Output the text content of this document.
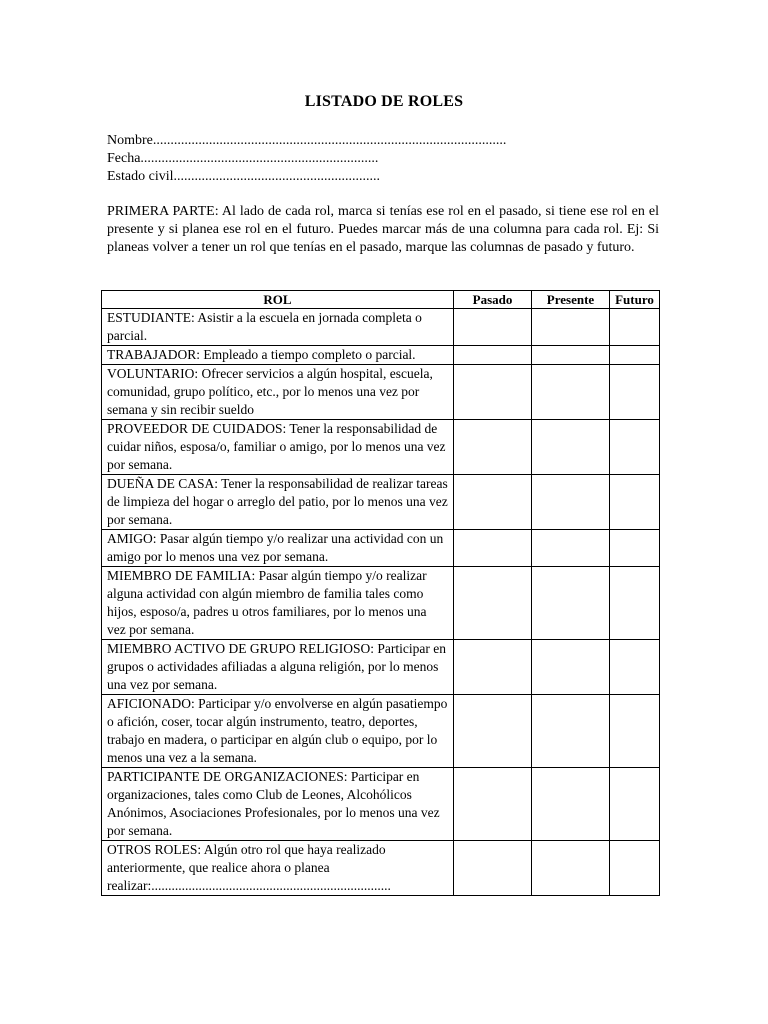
LISTADO DE ROLES
Nombre.....................................................................................................
Fecha....................................................................
Estado civil...........................................................
PRIMERA PARTE: Al lado de cada rol, marca si tenías ese rol en el pasado, si tiene ese rol en el presente y si planea ese rol en el futuro. Puedes marcar más de una columna para cada rol. Ej: Si planeas volver a tener un rol que tenías en el pasado, marque las columnas de pasado y futuro.
ROL	Pasado	Presente	Futuro

ESTUDIANTE: Asistir a la escuela en jornada completa o parcial.			

TRABAJADOR: Empleado a tiempo completo o parcial.			

VOLUNTARIO: Ofrecer servicios a algún hospital, escuela, comunidad, grupo político, etc., por lo menos una vez por semana y sin recibir sueldo			

PROVEEDOR DE CUIDADOS: Tener la responsabilidad de cuidar niños, esposa/o, familiar o amigo, por lo menos una vez por semana.			

DUEÑA DE CASA: Tener la responsabilidad de realizar tareas de limpieza del hogar o arreglo del patio, por lo menos una vez por semana.			

AMIGO: Pasar algún tiempo y/o realizar una actividad con un amigo por lo menos una vez por semana.			

MIEMBRO DE FAMILIA: Pasar algún tiempo y/o realizar alguna actividad con algún miembro de familia tales como hijos, esposo/a, padres u otros familiares, por lo menos una vez por semana.			

MIEMBRO ACTIVO DE GRUPO RELIGIOSO: Participar en grupos o actividades afiliadas a alguna religión, por lo menos una vez por semana.			

AFICIONADO: Participar y/o envolverse en algún pasatiempo o afición, coser, tocar algún instrumento, teatro, deportes, trabajo en madera, o participar en algún club o equipo, por lo menos una vez a la semana.			

PARTICIPANTE DE ORGANIZACIONES: Participar en organizaciones, tales como Club de Leones, Alcohólicos Anónimos, Asociaciones Profesionales, por lo menos una vez por semana.			

OTROS ROLES: Algún otro rol que haya realizado anteriormente, que realice ahora o planea realizar:.......................................................................			
